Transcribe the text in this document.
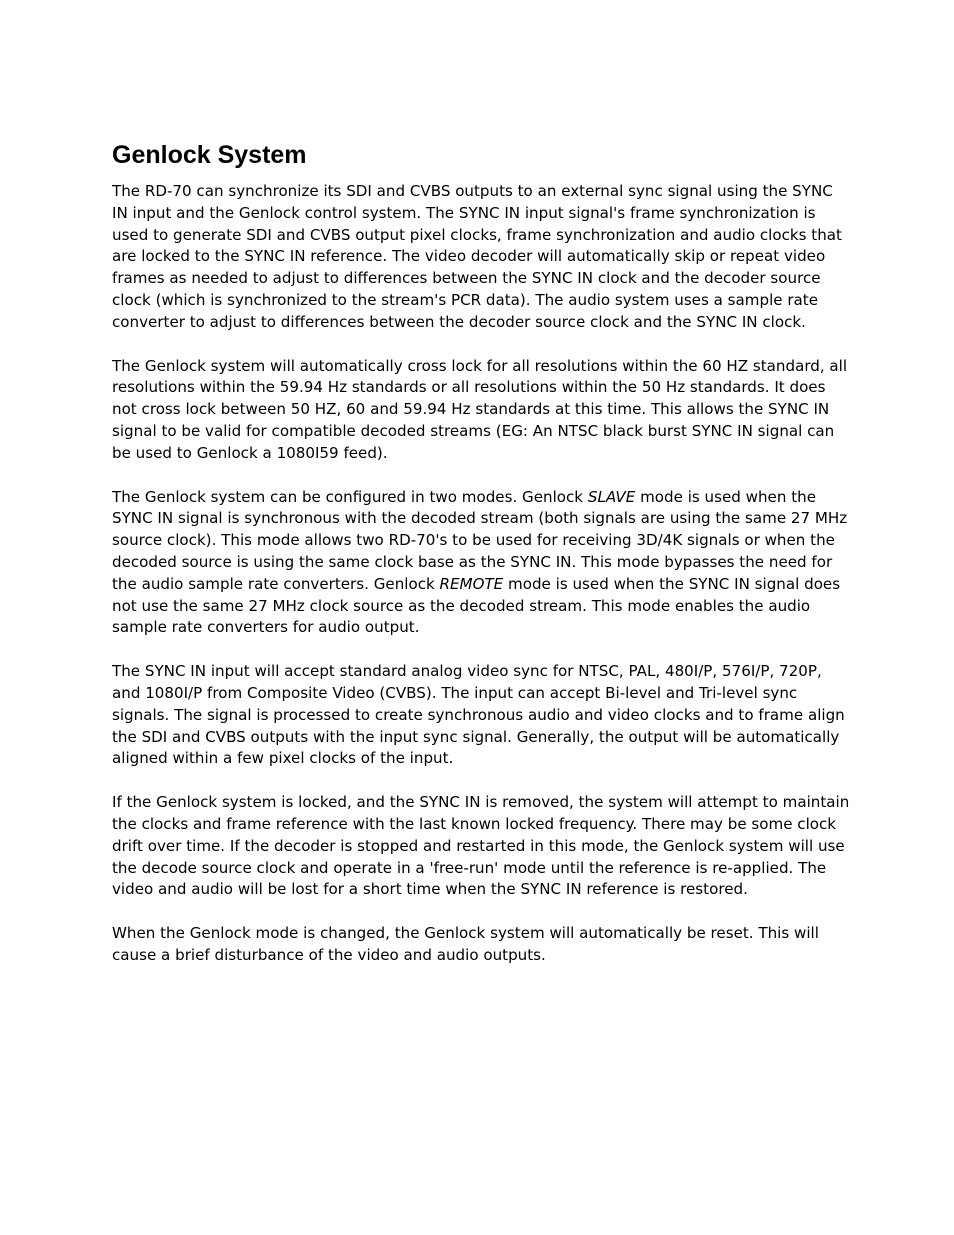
Genlock System

The RD-70 can synchronize its SDI and CVBS outputs to an external sync signal using the SYNC IN input and the Genlock control system. The SYNC IN input signal's frame synchronization is used to generate SDI and CVBS output pixel clocks, frame synchronization and audio clocks that are locked to the SYNC IN reference. The video decoder will automatically skip or repeat video frames as needed to adjust to differences between the SYNC IN clock and the decoder source clock (which is synchronized to the stream's PCR data). The audio system uses a sample rate converter to adjust to differences between the decoder source clock and the SYNC IN clock.

The Genlock system will automatically cross lock for all resolutions within the 60 HZ standard, all resolutions within the 59.94 Hz standards or all resolutions within the 50 Hz standards. It does not cross lock between 50 HZ, 60 and 59.94 Hz standards at this time. This allows the SYNC IN signal to be valid for compatible decoded streams (EG: An NTSC black burst SYNC IN signal can be used to Genlock a 1080I59 feed).

The Genlock system can be configured in two modes. Genlock SLAVE mode is used when the SYNC IN signal is synchronous with the decoded stream (both signals are using the same 27 MHz source clock). This mode allows two RD-70's to be used for receiving 3D/4K signals or when the decoded source is using the same clock base as the SYNC IN. This mode bypasses the need for the audio sample rate converters. Genlock REMOTE mode is used when the SYNC IN signal does not use the same 27 MHz clock source as the decoded stream. This mode enables the audio sample rate converters for audio output.

The SYNC IN input will accept standard analog video sync for NTSC, PAL, 480I/P, 576I/P, 720P, and 1080I/P from Composite Video (CVBS). The input can accept Bi-level and Tri-level sync signals. The signal is processed to create synchronous audio and video clocks and to frame align the SDI and CVBS outputs with the input sync signal. Generally, the output will be automatically aligned within a few pixel clocks of the input.

If the Genlock system is locked, and the SYNC IN is removed, the system will attempt to maintain the clocks and frame reference with the last known locked frequency. There may be some clock drift over time. If the decoder is stopped and restarted in this mode, the Genlock system will use the decode source clock and operate in a 'free-run' mode until the reference is re-applied. The video and audio will be lost for a short time when the SYNC IN reference is restored.

When the Genlock mode is changed, the Genlock system will automatically be reset. This will cause a brief disturbance of the video and audio outputs.
